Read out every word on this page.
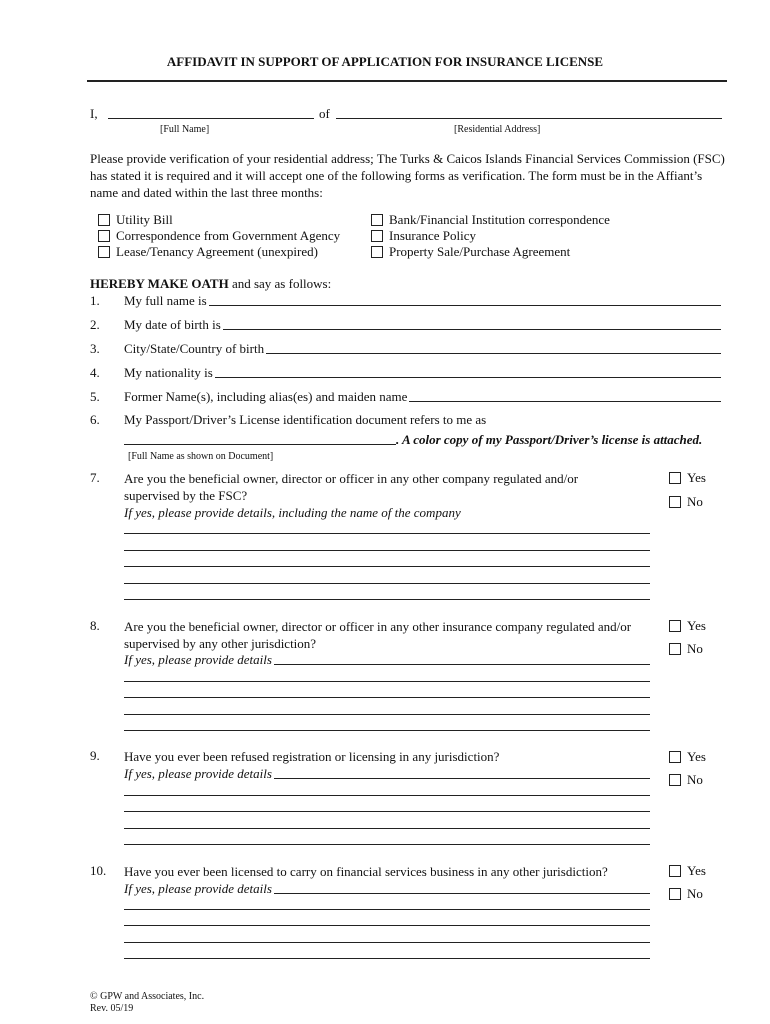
AFFIDAVIT IN SUPPORT OF APPLICATION FOR INSURANCE LICENSE
I,	of
[Full Name]	[Residential Address]
Please provide verification of your residential address; The Turks & Caicos Islands Financial Services Commission (FSC) has stated it is required and it will accept one of the following forms as verification. The form must be in the Affiant’s name and dated within the last three months:
Utility Bill
Correspondence from Government Agency
Lease/Tenancy Agreement (unexpired)
Bank/Financial Institution correspondence
Insurance Policy
Property Sale/Purchase Agreement
HEREBY MAKE OATH and say as follows:
1. My full name is
2. My date of birth is
3. City/State/Country of birth
4. My nationality is
5. Former Name(s), including alias(es) and maiden name
6. My Passport/Driver’s License identification document refers to me as
. A color copy of my Passport/Driver’s license is attached.
[Full Name as shown on Document]
7. Are you the beneficial owner, director or officer in any other company regulated and/or supervised by the FSC?
If yes, please provide details, including the name of the company
Yes
No
8. Are you the beneficial owner, director or officer in any other insurance company regulated and/or supervised by any other jurisdiction?
If yes, please provide details
Yes
No
9. Have you ever been refused registration or licensing in any jurisdiction?
If yes, please provide details
Yes
No
10. Have you ever been licensed to carry on financial services business in any other jurisdiction?
If yes, please provide details
Yes
No
© GPW and Associates, Inc.
Rev. 05/19
